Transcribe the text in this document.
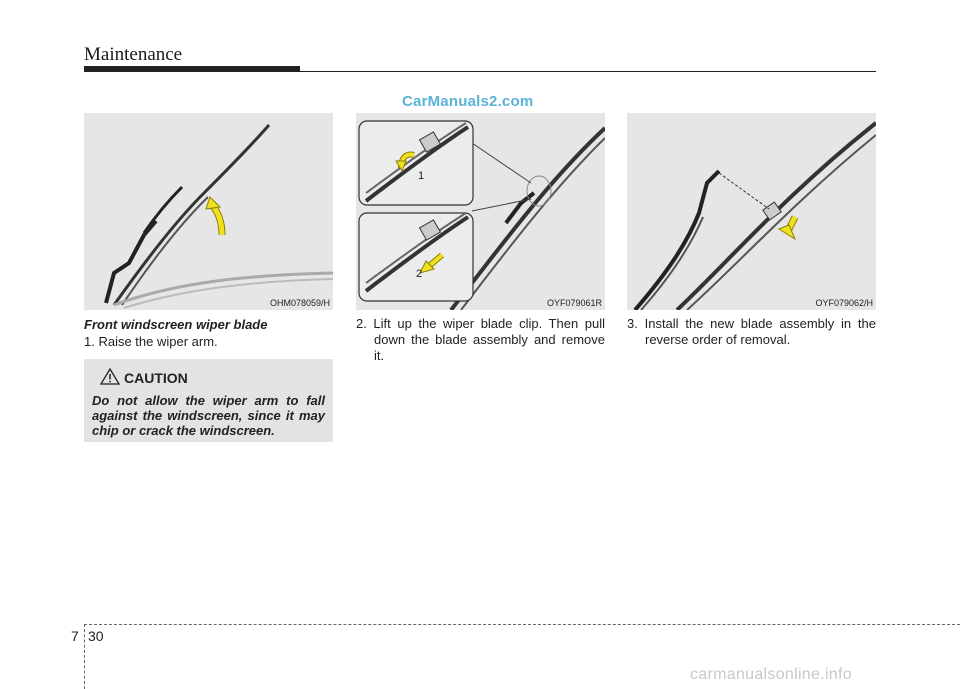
Maintenance
CarManuals2.com
OHM078059/H
1
2
OYF079061R	OYF079062/H
Front windscreen wiper blade
1. Raise the wiper arm.
2. Lift up the wiper blade clip. Then pull down the blade assembly and remove it.
3. Install the new blade assembly in the reverse order of removal.
CAUTION
Do not allow the wiper arm to fall against the windscreen, since it may chip or crack the windscreen.
7 30
carmanualsonline.info
